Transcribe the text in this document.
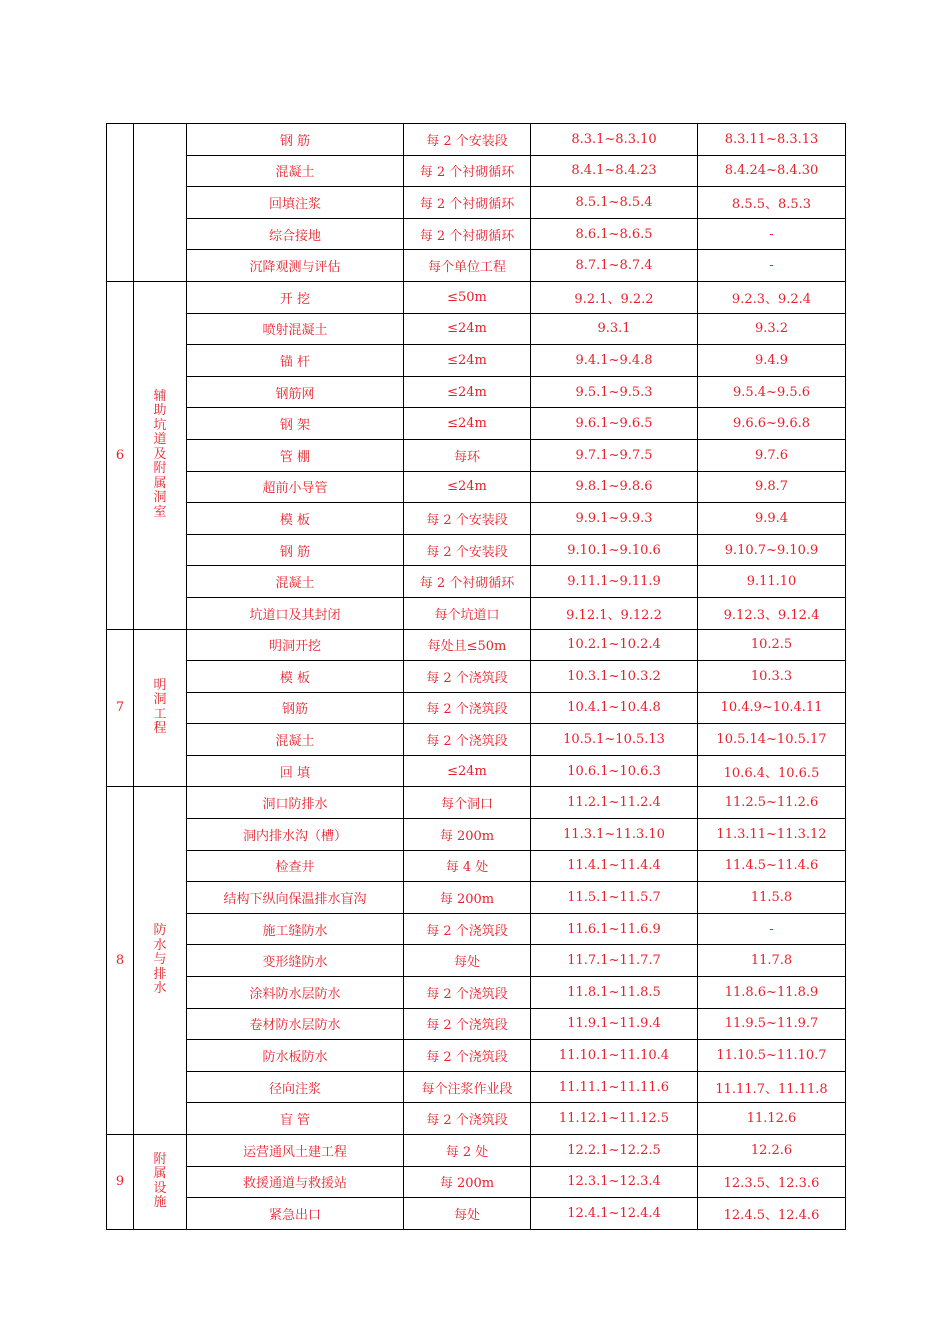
		钢 筋	每 2 个安装段	8.3.1~8.3.10	8.3.11~8.3.13
		混凝土	每 2 个衬砌循环	8.4.1~8.4.23	8.4.24~8.4.30
		回填注浆	每 2 个衬砌循环	8.5.1~8.5.4	8.5.5、8.5.3
		综合接地	每 2 个衬砌循环	8.6.1~8.6.5	-
		沉降观测与评估	每个单位工程	8.7.1~8.7.4	-
6	辅助坑道及附属洞室	开 挖	≤50m	9.2.1、9.2.2	9.2.3、9.2.4
		喷射混凝土	≤24m	9.3.1	9.3.2
		锚 杆	≤24m	9.4.1~9.4.8	9.4.9
		钢筋网	≤24m	9.5.1~9.5.3	9.5.4~9.5.6
		钢 架	≤24m	9.6.1~9.6.5	9.6.6~9.6.8
		管 棚	每环	9.7.1~9.7.5	9.7.6
		超前小导管	≤24m	9.8.1~9.8.6	9.8.7
		模 板	每 2 个安装段	9.9.1~9.9.3	9.9.4
		钢 筋	每 2 个安装段	9.10.1~9.10.6	9.10.7~9.10.9
		混凝土	每 2 个衬砌循环	9.11.1~9.11.9	9.11.10
		坑道口及其封闭	每个坑道口	9.12.1、9.12.2	9.12.3、9.12.4
7	明洞工程	明洞开挖	每处且≤50m	10.2.1~10.2.4	10.2.5
		模 板	每 2 个浇筑段	10.3.1~10.3.2	10.3.3
		钢筋	每 2 个浇筑段	10.4.1~10.4.8	10.4.9~10.4.11
		混凝土	每 2 个浇筑段	10.5.1~10.5.13	10.5.14~10.5.17
		回 填	≤24m	10.6.1~10.6.3	10.6.4、10.6.5
8	防水与排水	洞口防排水	每个洞口	11.2.1~11.2.4	11.2.5~11.2.6
		洞内排水沟（槽）	每 200m	11.3.1~11.3.10	11.3.11~11.3.12
		检查井	每 4 处	11.4.1~11.4.4	11.4.5~11.4.6
		结构下纵向保温排水盲沟	每 200m	11.5.1~11.5.7	11.5.8
		施工缝防水	每 2 个浇筑段	11.6.1~11.6.9	-
		变形缝防水	每处	11.7.1~11.7.7	11.7.8
		涂料防水层防水	每 2 个浇筑段	11.8.1~11.8.5	11.8.6~11.8.9
		卷材防水层防水	每 2 个浇筑段	11.9.1~11.9.4	11.9.5~11.9.7
		防水板防水	每 2 个浇筑段	11.10.1~11.10.4	11.10.5~11.10.7
		径向注浆	每个注浆作业段	11.11.1~11.11.6	11.11.7、11.11.8
		盲 管	每 2 个浇筑段	11.12.1~11.12.5	11.12.6
9	附属设施	运营通风土建工程	每 2 处	12.2.1~12.2.5	12.2.6
		救援通道与救援站	每 200m	12.3.1~12.3.4	12.3.5、12.3.6
		紧急出口	每处	12.4.1~12.4.4	12.4.5、12.4.6
